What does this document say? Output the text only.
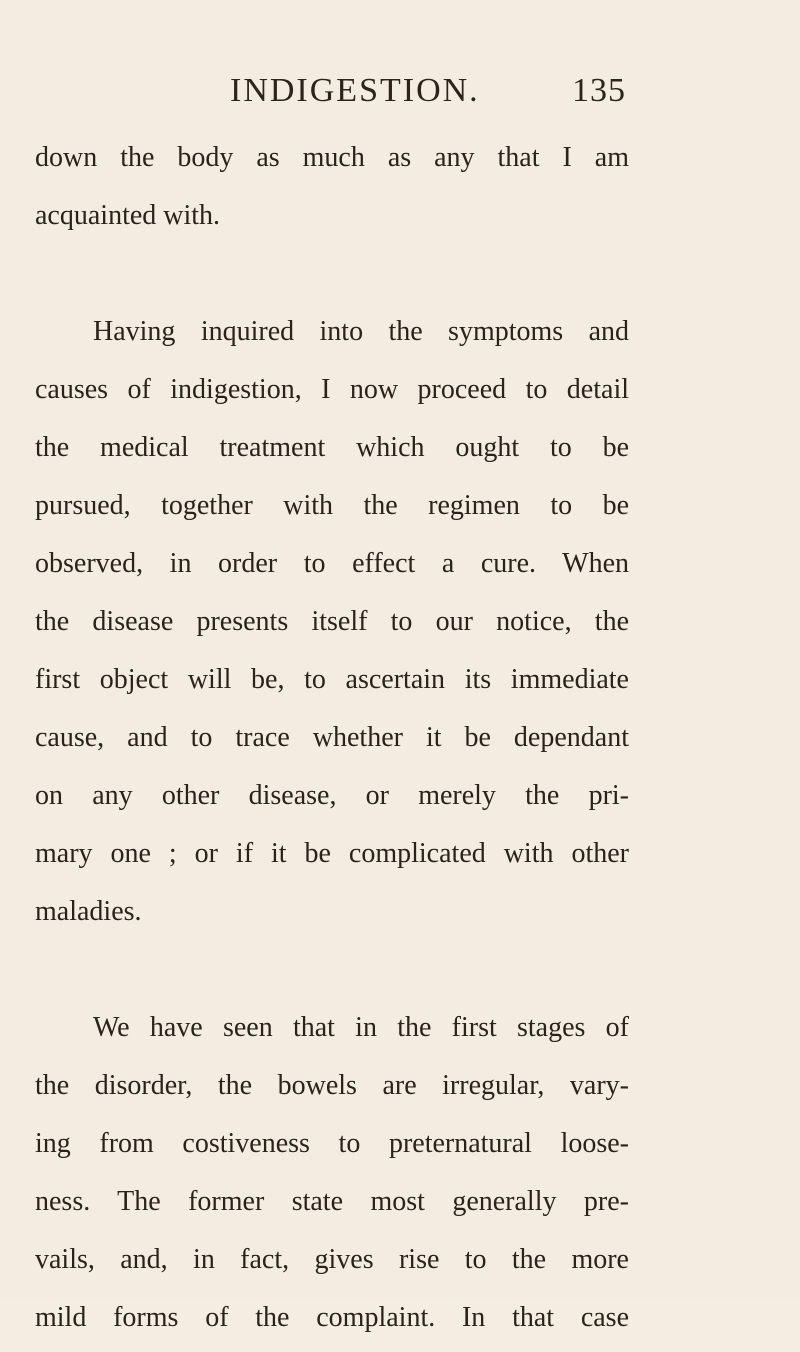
INDIGESTION.	135
down the body as much as any that I am
acquainted with.
Having inquired into the symptoms and
causes of indigestion, I now proceed to detail
the medical treatment which ought to be
pursued, together with the regimen to be
observed, in order to effect a cure. When
the disease presents itself to our notice, the
first object will be, to ascertain its immediate
cause, and to trace whether it be dependant
on any other disease, or merely the pri-
mary one ; or if it be complicated with other
maladies.
We have seen that in the first stages of
the disorder, the bowels are irregular, vary-
ing from costiveness to preternatural loose-
ness. The former state most generally pre-
vails, and, in fact, gives rise to the more
mild forms of the complaint. In that case
